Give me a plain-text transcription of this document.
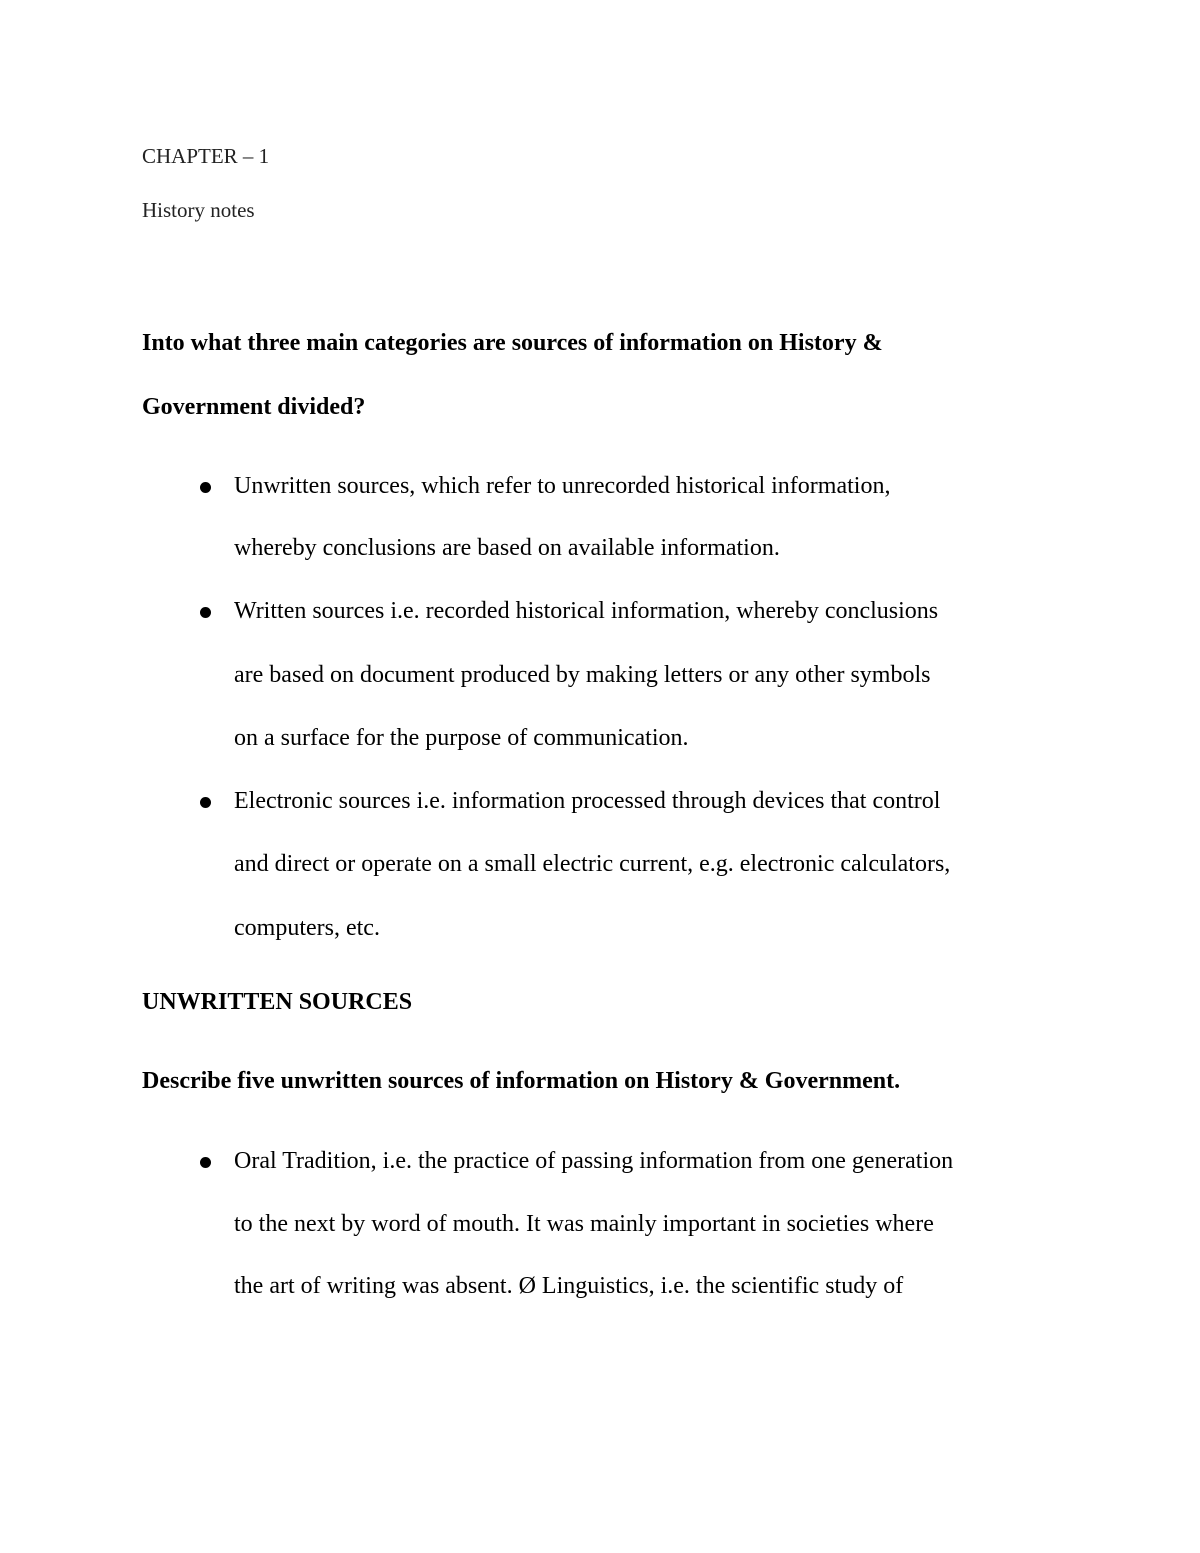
CHAPTER – 1
History notes
Into what three main categories are sources of information on History &
Government divided?
Unwritten sources, which refer to unrecorded historical information,
whereby conclusions are based on available information.
Written sources i.e. recorded historical information, whereby conclusions
are based on document produced by making letters or any other symbols
on a surface for the purpose of communication.
Electronic sources i.e. information processed through devices that control
and direct or operate on a small electric current, e.g. electronic calculators,
computers, etc.
UNWRITTEN SOURCES
Describe five unwritten sources of information on History & Government.
Oral Tradition, i.e. the practice of passing information from one generation
to the next by word of mouth. It was mainly important in societies where
the art of writing was absent. Ø Linguistics, i.e. the scientific study of
